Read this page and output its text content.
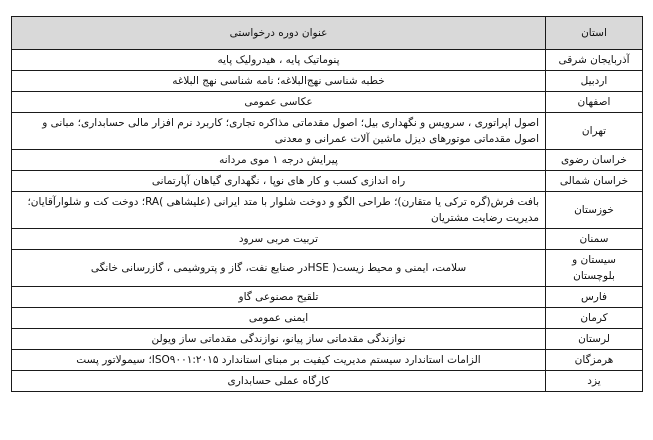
استان	عنوان دوره درخواستی
آذربایجان شرقی	پنوماتیک پایه ، هیدرولیک پایه
اردبیل	خطبه شناسی نهج‌البلاغه؛ نامه شناسی نهج البلاغه
اصفهان	عکاسی عمومی
تهران	اصول اپراتوری ، سرویس و نگهداری بیل؛ اصول مقدماتی مذاکره تجاری؛ کاربرد نرم افزار مالی حسابداری؛ مبانی و اصول مقدماتی موتورهای دیزل ماشین آلات عمرانی و معدنی
خراسان رضوی	پیرایش درجه ۱ موی مردانه
خراسان شمالی	راه اندازی کسب و کار های نوپا ، نگهداری گیاهان آپارتمانی
خوزستان	بافت فرش(گره ترکی یا متقارن)؛ طراحی الگو و دوخت شلوار با متد ایرانی (علیشاهی )RA؛ دوخت کت و شلوارآقایان؛ مدیریت رضایت مشتریان
سمنان	تربیت مربی سرود
سیستان و بلوچستان	سلامت، ایمنی و محیط زیست( HSEدر صنایع نفت، گاز و پتروشیمی ، گازرسانی خانگی
فارس	تلقیح مصنوعی گاو
کرمان	ایمنی عمومی
لرستان	نوازندگی مقدماتی ساز پیانو، نوازندگی مقدماتی ساز ویولن
هرمزگان	الزامات استاندارد سیستم مدیریت کیفیت بر مبنای استاندارد ISO۹۰۰۱:۲۰۱۵؛ سیمولاتور پست
یزد	کارگاه عملی حسابداری
